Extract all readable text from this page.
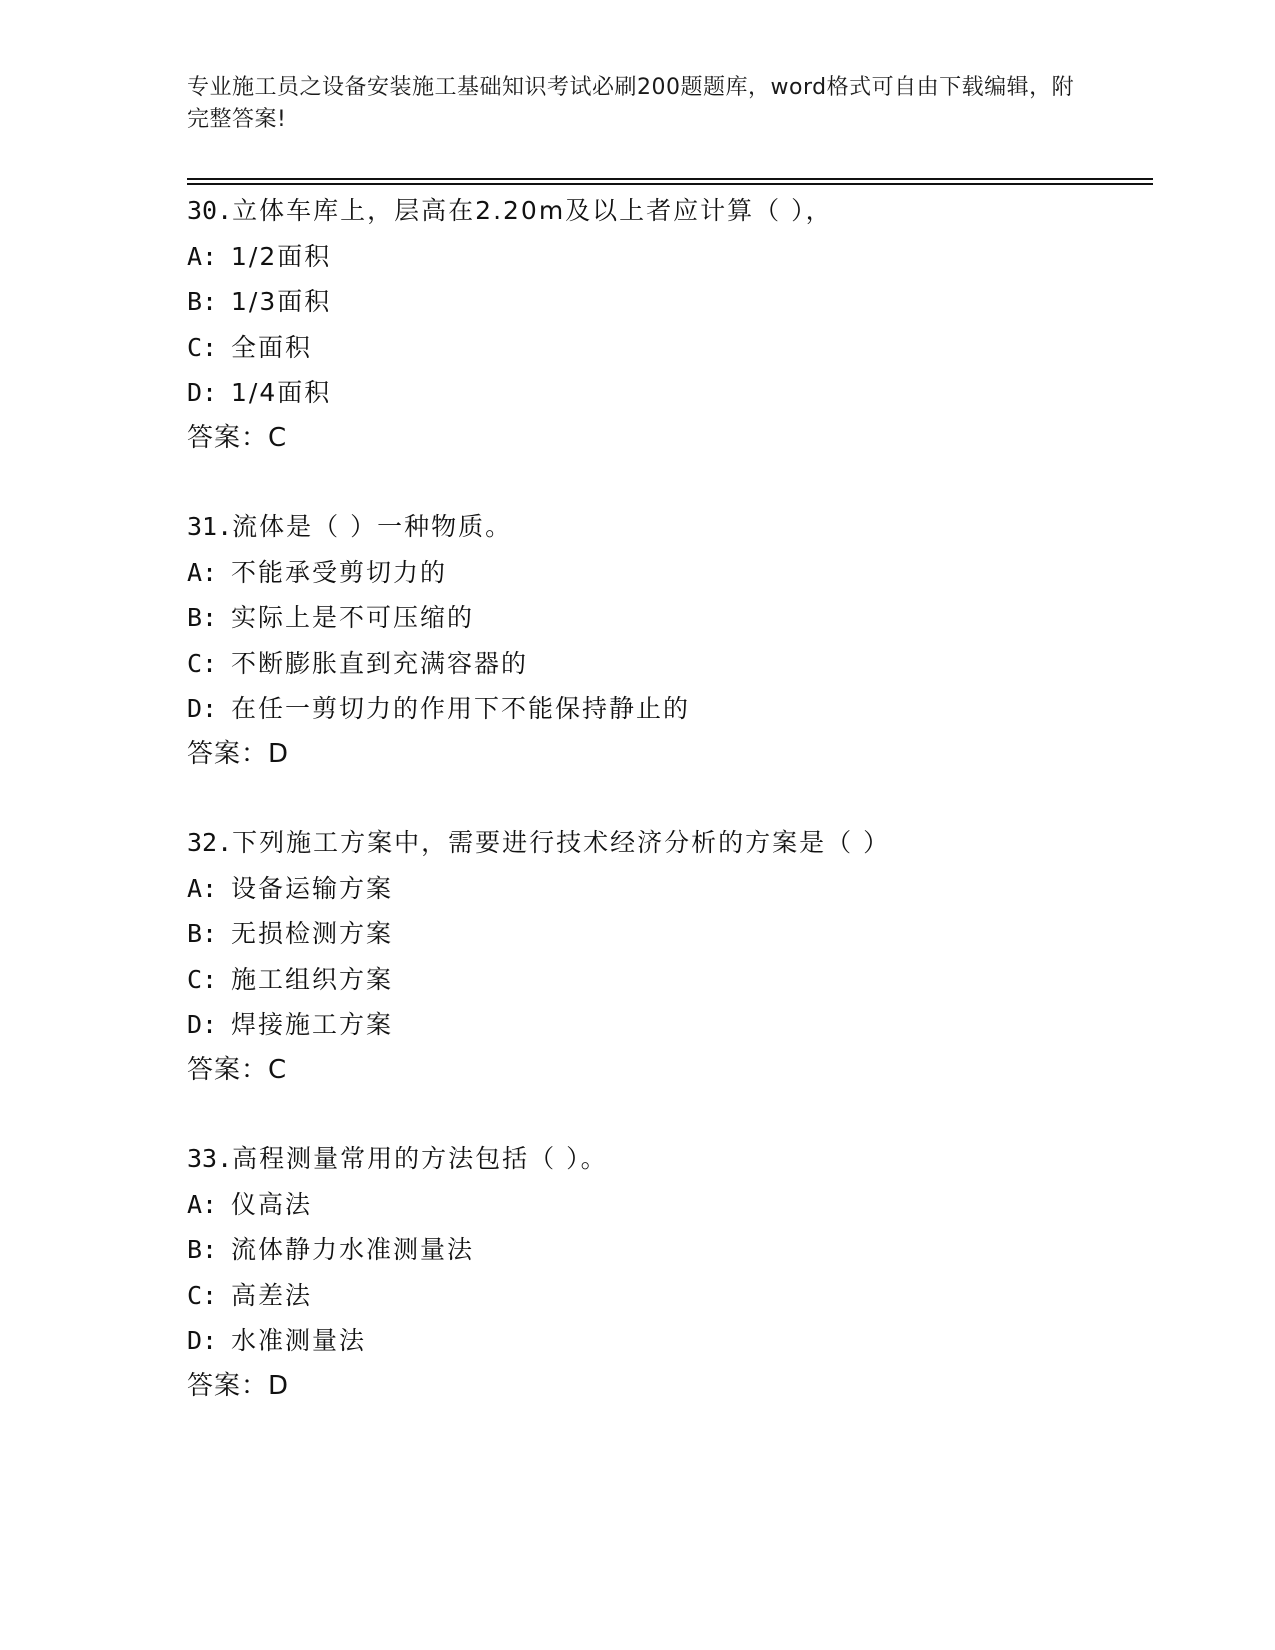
专业施工员之设备安装施工基础知识考试必刷200题题库，word格式可自由下载编辑，附完整答案!
30.立体车库上，层高在2.20m及以上者应计算（ ），
A: 1/2面积
B: 1/3面积
C: 全面积
D: 1/4面积
答案：C
31.流体是（ ）一种物质。
A: 不能承受剪切力的
B: 实际上是不可压缩的
C: 不断膨胀直到充满容器的
D: 在任一剪切力的作用下不能保持静止的
答案：D
32.下列施工方案中，需要进行技术经济分析的方案是（ ）
A: 设备运输方案
B: 无损检测方案
C: 施工组织方案
D: 焊接施工方案
答案：C
33.高程测量常用的方法包括（ ）。
A: 仪高法
B: 流体静力水准测量法
C: 高差法
D: 水准测量法
答案：D
